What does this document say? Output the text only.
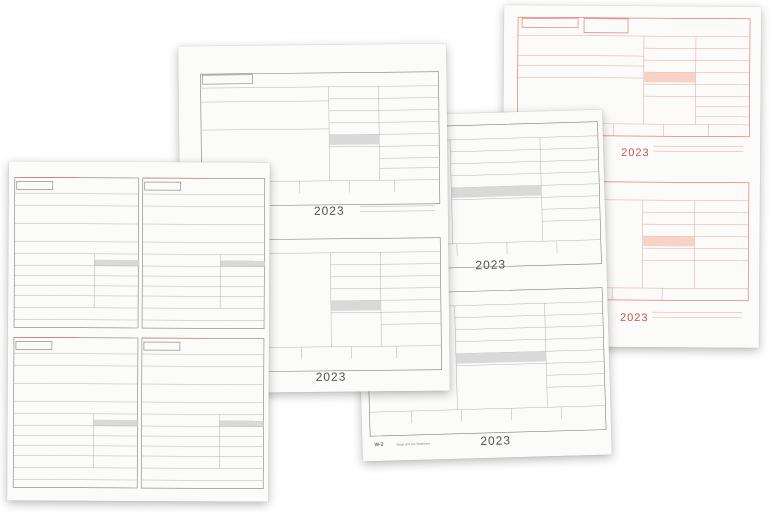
2023
2023
2023
W-2	Wage and Tax Statement	2023
2023
2023
